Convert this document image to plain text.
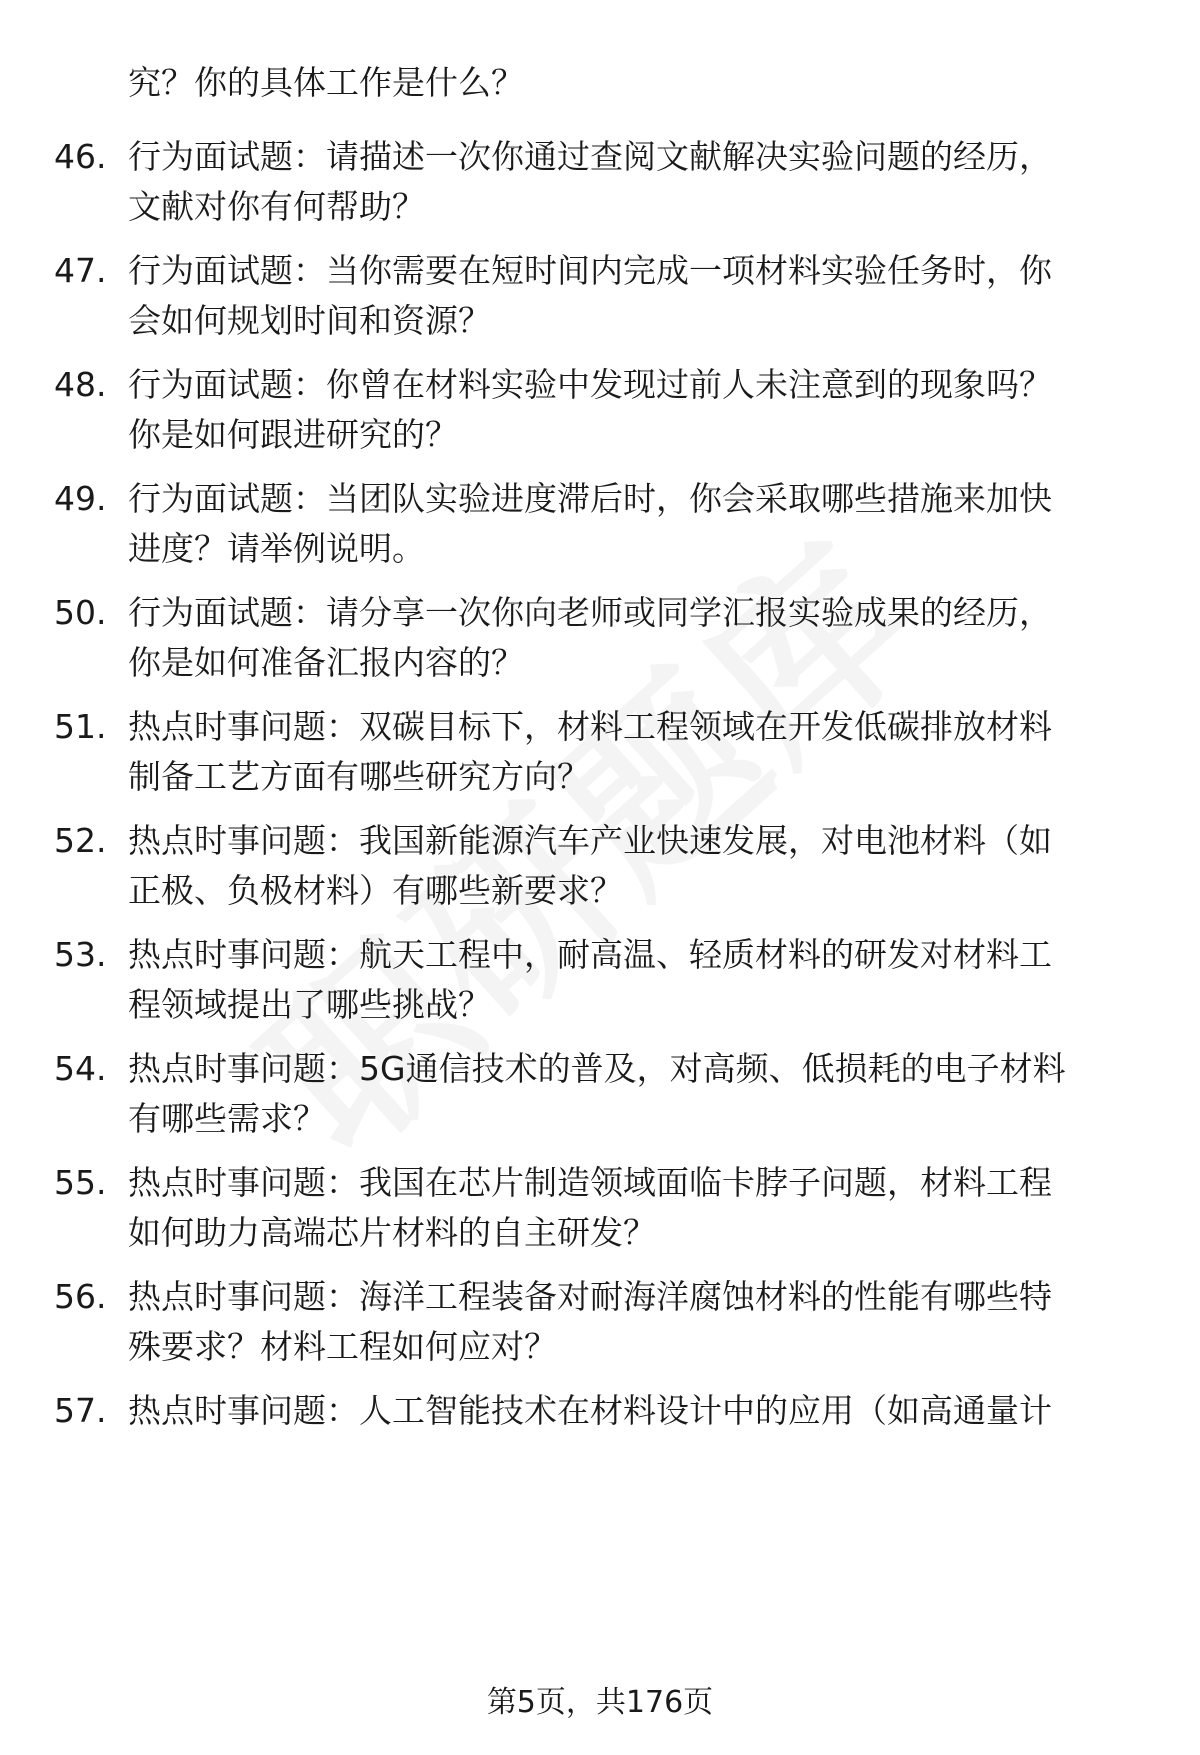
究？你的具体工作是什么？
46. 行为面试题：请描述一次你通过查阅文献解决实验问题的经历，
文献对你有何帮助？
47. 行为面试题：当你需要在短时间内完成一项材料实验任务时，你
会如何规划时间和资源？
48. 行为面试题：你曾在材料实验中发现过前人未注意到的现象吗？
你是如何跟进研究的？
49. 行为面试题：当团队实验进度滞后时，你会采取哪些措施来加快
进度？请举例说明。
50. 行为面试题：请分享一次你向老师或同学汇报实验成果的经历，
你是如何准备汇报内容的？
51. 热点时事问题：双碳目标下，材料工程领域在开发低碳排放材料
制备工艺方面有哪些研究方向？
52. 热点时事问题：我国新能源汽车产业快速发展，对电池材料（如
正极、负极材料）有哪些新要求？
53. 热点时事问题：航天工程中，耐高温、轻质材料的研发对材料工
程领域提出了哪些挑战？
54. 热点时事问题：5G通信技术的普及，对高频、低损耗的电子材料
有哪些需求？
55. 热点时事问题：我国在芯片制造领域面临卡脖子问题，材料工程
如何助力高端芯片材料的自主研发？
56. 热点时事问题：海洋工程装备对耐海洋腐蚀材料的性能有哪些特
殊要求？材料工程如何应对？
57. 热点时事问题：人工智能技术在材料设计中的应用（如高通量计
第5页，共176页
